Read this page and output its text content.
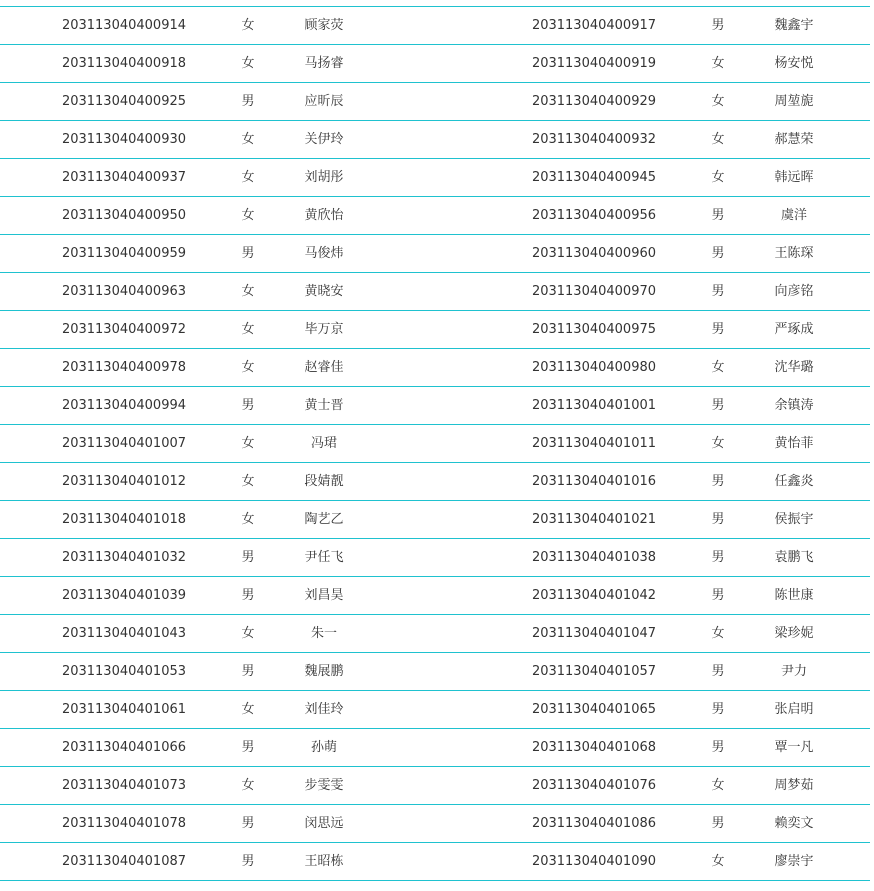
203113040400914	女	顾家荧	203113040400917	男	魏鑫宇
203113040400918	女	马扬睿	203113040400919	女	杨安悦
203113040400925	男	应昕辰	203113040400929	女	周堃旎
203113040400930	女	关伊玲	203113040400932	女	郝慧荣
203113040400937	女	刘胡彤	203113040400945	女	韩远晖
203113040400950	女	黄欣怡	203113040400956	男	虞洋
203113040400959	男	马俊炜	203113040400960	男	王陈琛
203113040400963	女	黄晓安	203113040400970	男	向彦铭
203113040400972	女	毕万京	203113040400975	男	严琢成
203113040400978	女	赵睿佳	203113040400980	女	沈华璐
203113040400994	男	黄士晋	203113040401001	男	余镇涛
203113040401007	女	冯珺	203113040401011	女	黄怡菲
203113040401012	女	段婧靓	203113040401016	男	任鑫炎
203113040401018	女	陶艺乙	203113040401021	男	侯振宇
203113040401032	男	尹任飞	203113040401038	男	袁鹏飞
203113040401039	男	刘昌昊	203113040401042	男	陈世康
203113040401043	女	朱一	203113040401047	女	梁珍妮
203113040401053	男	魏展鹏	203113040401057	男	尹力
203113040401061	女	刘佳玲	203113040401065	男	张启明
203113040401066	男	孙萌	203113040401068	男	覃一凡
203113040401073	女	步雯雯	203113040401076	女	周梦茹
203113040401078	男	闵思远	203113040401086	男	赖奕文
203113040401087	男	王昭栋	203113040401090	女	廖崇宇
